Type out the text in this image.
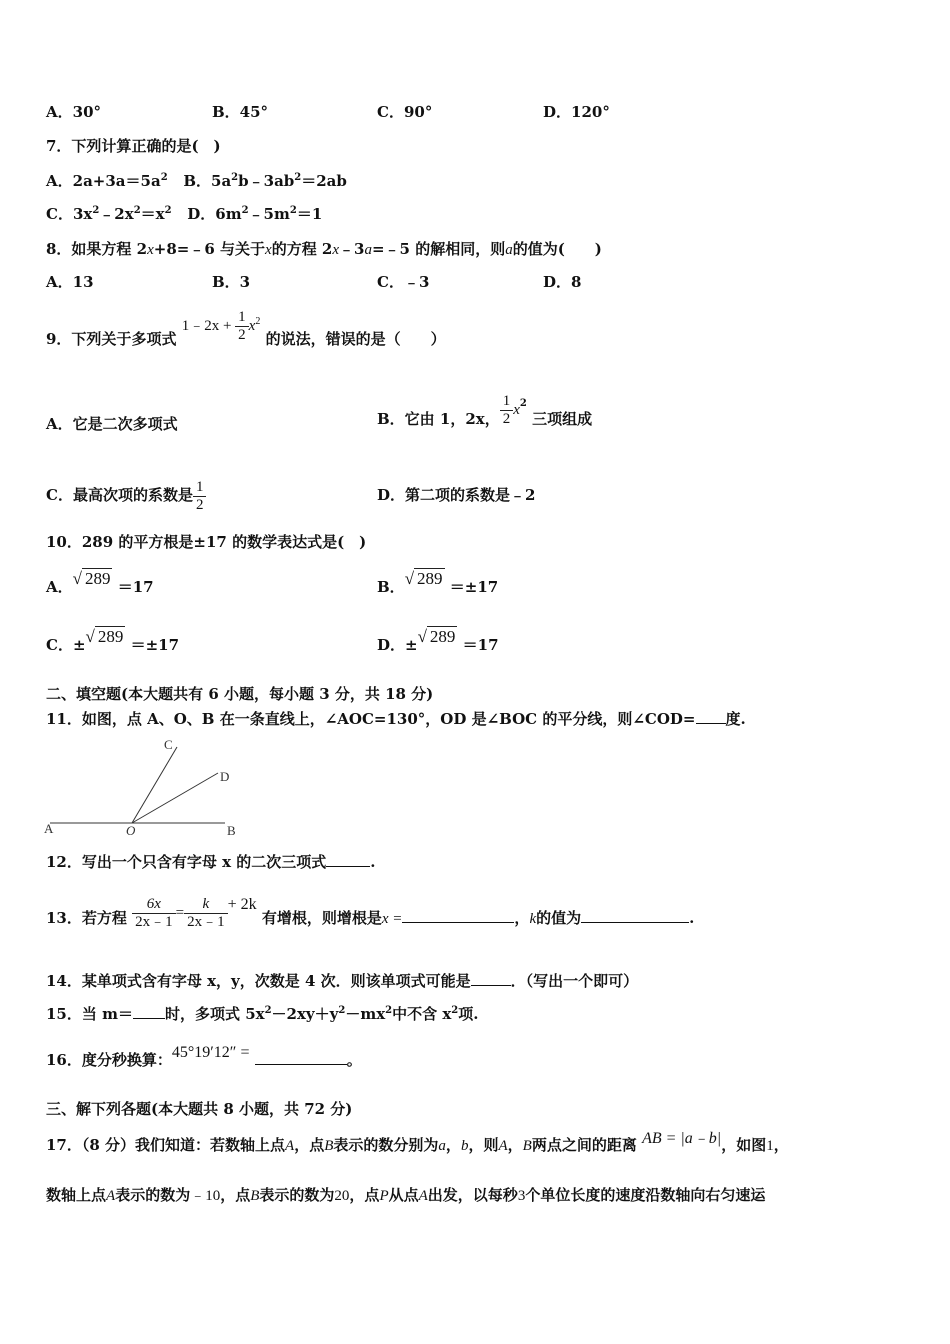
A．30°	B．45°	C．90°	D．120°
7．下列计算正确的是(　)
A．$2a+3a=5a^2$ B．$5a^2b﹣3ab^2=2ab$
C．$3x^2﹣2x^2=x^2$ D．$6m^2﹣5m^2=1$
8．如果方程 2x+8=﹣6 与关于x的方程 2x﹣3a=﹣5 的解相同，则a的值为(　　)
A．13	B．3	C．﹣3	D．8
9．下列关于多项式 1﹣2x + $\frac{1}{2} x^2$ 的说法，错误的是（　　）
A．它是二次多项式	B．它由 1，2x， $\frac{1}{2} x^2$ 三项组成
C．最高次项的系数是 $\frac{1}{2}$	D．第二项的系数是﹣2
10．289 的平方根是±17 的数学表达式是(　)
A．√ 289 ＝17	B．√ 289 ＝±17
C．±√ 289 ＝±17	D．±√ 289 ＝17
二、填空题(本大题共有 6 小题，每小题 3 分，共 18 分)
11．如图，点 A、O、B 在一条直线上，∠AOC=130°，OD 是∠BOC 的平分线，则∠COD= 度.
A	O	B
C
D
12．写出一个只含有字母 x 的二次三项式	.
13．若方程 $\frac{6x}{2x﹣1} = \frac{k}{2x﹣1} + 2k$ 有增根，则增根是x =	，k的值为	.
14．某单项式含有字母 x，y，次数是 4 次．则该单项式可能是	．（写出一个即可）
15．当 m＝ 时，多项式 $5x^2-2xy+y^2-mx^2$中不含 $x^2$项.
16．度分秒换算：45°19′12″ =	。
三、解下列各题(本大题共 8 小题，共 72 分)
17．（8 分）我们知道：若数轴上点A，点B表示的数分别为a，b，则A，B两点之间的距离 AB = |a﹣b|，如图1，
数轴上点A表示的数为﹣10，点B表示的数为20，点P从点A出发，以每秒3个单位长度的速度沿数轴向右匀速运
